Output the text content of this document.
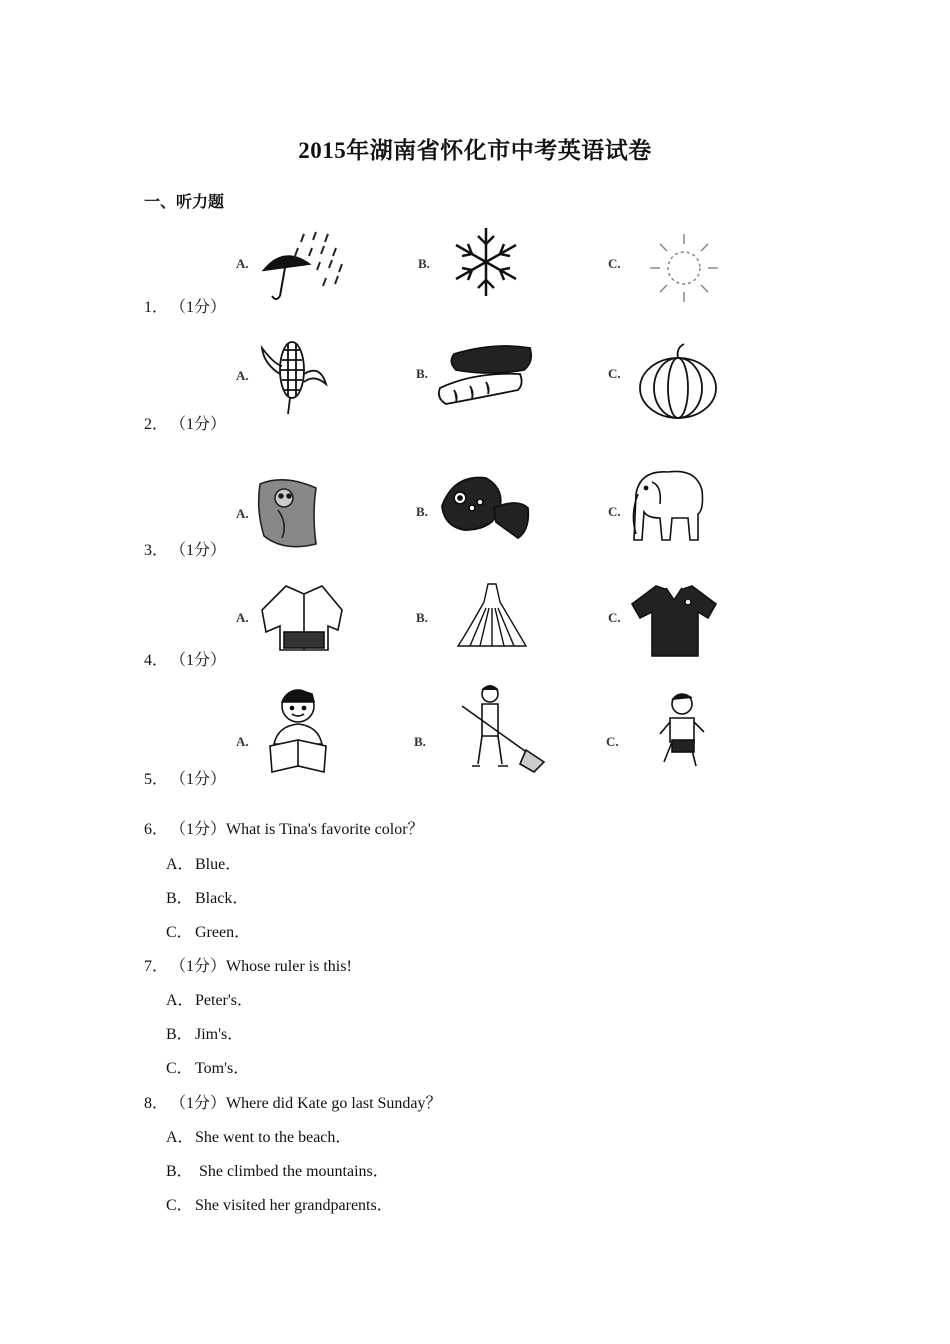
2015年湖南省怀化市中考英语试卷
一、听力题
1． （1分）
A.	B.	C.
2． （1分）
A.	B.	C.
3． （1分）
A.	B.	C.
4． （1分）
A.	B.	C.
5． （1分）
A.	B.	C.
6． （1分）What is Tina's favorite color？
A．Blue．
B． Black．
C． Green．
7． （1分）Whose ruler is this!
A．Peter's．
B． Jim's．
C． Tom's．
8． （1分）Where did Kate go last Sunday？
A．She went to the beach．
B． She climbed the mountains．
C． She visited her grandparents．
